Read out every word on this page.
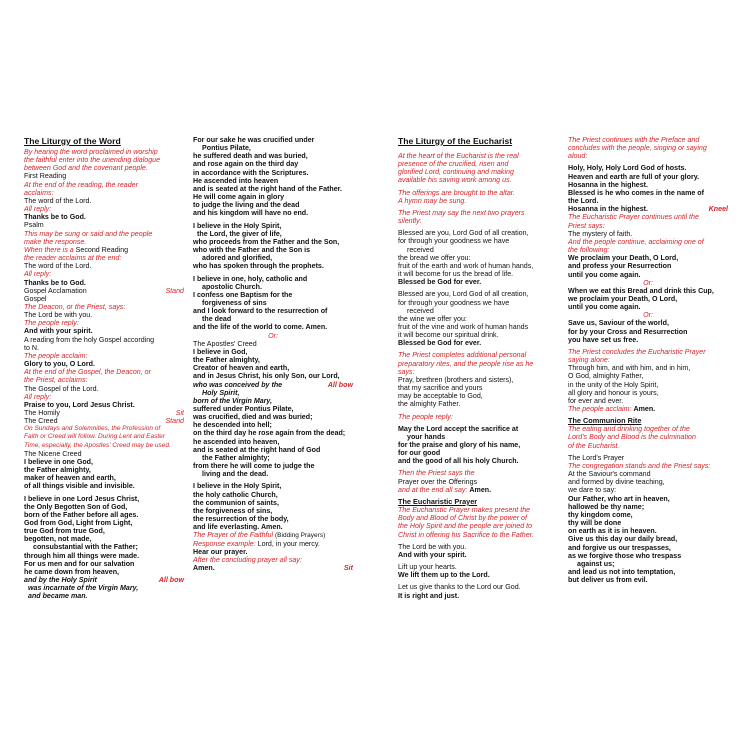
The Liturgy of the Word
By hearing the word proclaimed in worship
the faithful enter into the unending dialogue
between God and the covenant people.
First Reading
At the end of the reading, the reader
acclaims:
The word of the Lord.
All reply:
Thanks be to God.
Psalm
This may be sung or said and the people
make the response.
When there is a Second Reading
the reader acclaims at the end:
The word of the Lord.
All reply:
Thanks be to God.
Gospel Acclamation	Stand
Gospel
The Deacon, or the Priest, says:
The Lord be with you.
The people reply:
And with your spirit.
A reading from the holy Gospel according
to N.
The people acclaim:
Glory to you, O Lord.
At the end of the Gospel, the Deacon, or
the Priest, acclaims:
The Gospel of the Lord.
All reply:
Praise to you, Lord Jesus Christ.
The Homily	Sit
The Creed	Stand
On Sundays and Solemnities, the Profession of
Faith or Creed will follow. During Lent and Easter
Time, especially, the Apostles' Creed may be used.
The Nicene Creed
I believe in one God,
the Father almighty,
maker of heaven and earth,
of all things visible and invisible.
I believe in one Lord Jesus Christ,
the Only Begotten Son of God,
born of the Father before all ages.
God from God, Light from Light,
true God from true God,
begotten, not made,
consubstantial with the Father;
through him all things were made.
For us men and for our salvation
he came down from heaven,
and by the Holy Spirit	All bow
was incarnate of the Virgin Mary,
and became man.
For our sake he was crucified under
Pontius Pilate,
he suffered death and was buried,
and rose again on the third day
in accordance with the Scriptures.
He ascended into heaven
and is seated at the right hand of the Father.
He will come again in glory
to judge the living and the dead
and his kingdom will have no end.
I believe in the Holy Spirit,
the Lord, the giver of life,
who proceeds from the Father and the Son,
who with the Father and the Son is
adored and glorified,
who has spoken through the prophets.
I believe in one, holy, catholic and
apostolic Church.
I confess one Baptism for the
forgiveness of sins
and I look forward to the resurrection of
the dead
and the life of the world to come. Amen.
Or:
The Apostles' Creed
I believe in God,
the Father almighty,
Creator of heaven and earth,
and in Jesus Christ, his only Son, our Lord,
who was conceived by the	All bow
Holy Spirit,
born of the Virgin Mary,
suffered under Pontius Pilate,
was crucified, died and was buried;
he descended into hell;
on the third day he rose again from the dead;
he ascended into heaven,
and is seated at the right hand of God
the Father almighty;
from there he will come to judge the
living and the dead.
I believe in the Holy Spirit,
the holy catholic Church,
the communion of saints,
the forgiveness of sins,
the resurrection of the body,
and life everlasting. Amen.
The Prayer of the Faithful (Bidding Prayers)
Response example: Lord, in your mercy.
Hear our prayer.
After the concluding prayer all say:
Amen.	Sit
The Liturgy of the Eucharist
At the heart of the Eucharist is the real
presence of the crucified, risen and
glorified Lord, continuing and making
available his saving work among us.
The offerings are brought to the altar.
A hymn may be sung.
The Priest may say the next two prayers
silently:
Blessed are you, Lord God of all creation,
for through your goodness we have
received
the bread we offer you:
fruit of the earth and work of human hands,
it will become for us the bread of life.
Blessed be God for ever.
Blessed are you, Lord God of all creation,
for through your goodness we have
received
the wine we offer you:
fruit of the vine and work of human hands
it will become our spiritual drink.
Blessed be God for ever.
The Priest completes additional personal
preparatory rites, and the people rise as he
says:
Pray, brethren (brothers and sisters),
that my sacrifice and yours
may be acceptable to God,
the almighty Father.
The people reply:
May the Lord accept the sacrifice at
your hands
for the praise and glory of his name,
for our good
and the good of all his holy Church.
Then the Priest says the
Prayer over the Offerings
and at the end all say: Amen.
The Eucharistic Prayer
The Eucharistic Prayer makes present the
Body and Blood of Christ by the power of
the Holy Spirit and the people are joined to
Christ in offering his Sacrifice to the Father.
The Lord be with you.
And with your spirit.
Lift up your hearts.
We lift them up to the Lord.
Let us give thanks to the Lord our God.
It is right and just.
The Priest continues with the Preface and
concludes with the people, singing or saying
aloud:
Holy, Holy, Holy Lord God of hosts.
Heaven and earth are full of your glory.
Hosanna in the highest.
Blessed is he who comes in the name of
the Lord.
Hosanna in the highest.	Kneel
The Eucharistic Prayer continues until the
Priest says:
The mystery of faith.
And the people continue, acclaiming one of
the following:
We proclaim your Death, O Lord,
and profess your Resurrection
until you come again.
Or:
When we eat this Bread and drink this Cup,
we proclaim your Death, O Lord,
until you come again.
Or:
Save us, Saviour of the world,
for by your Cross and Resurrection
you have set us free.
The Priest concludes the Eucharistic Prayer
saying alone:
Through him, and with him, and in him,
O God, almighty Father,
in the unity of the Holy Spirit,
all glory and honour is yours,
for ever and ever.
The people acclaim: Amen.
The Communion Rite
The eating and drinking together of the
Lord's Body and Blood is the culmination
of the Eucharist.
The Lord's Prayer
The congregation stands and the Priest says:
At the Saviour's command
and formed by divine teaching,
we dare to say:
Our Father, who art in heaven,
hallowed be thy name;
thy kingdom come,
thy will be done
on earth as it is in heaven.
Give us this day our daily bread,
and forgive us our trespasses,
as we forgive those who trespass
against us;
and lead us not into temptation,
but deliver us from evil.
